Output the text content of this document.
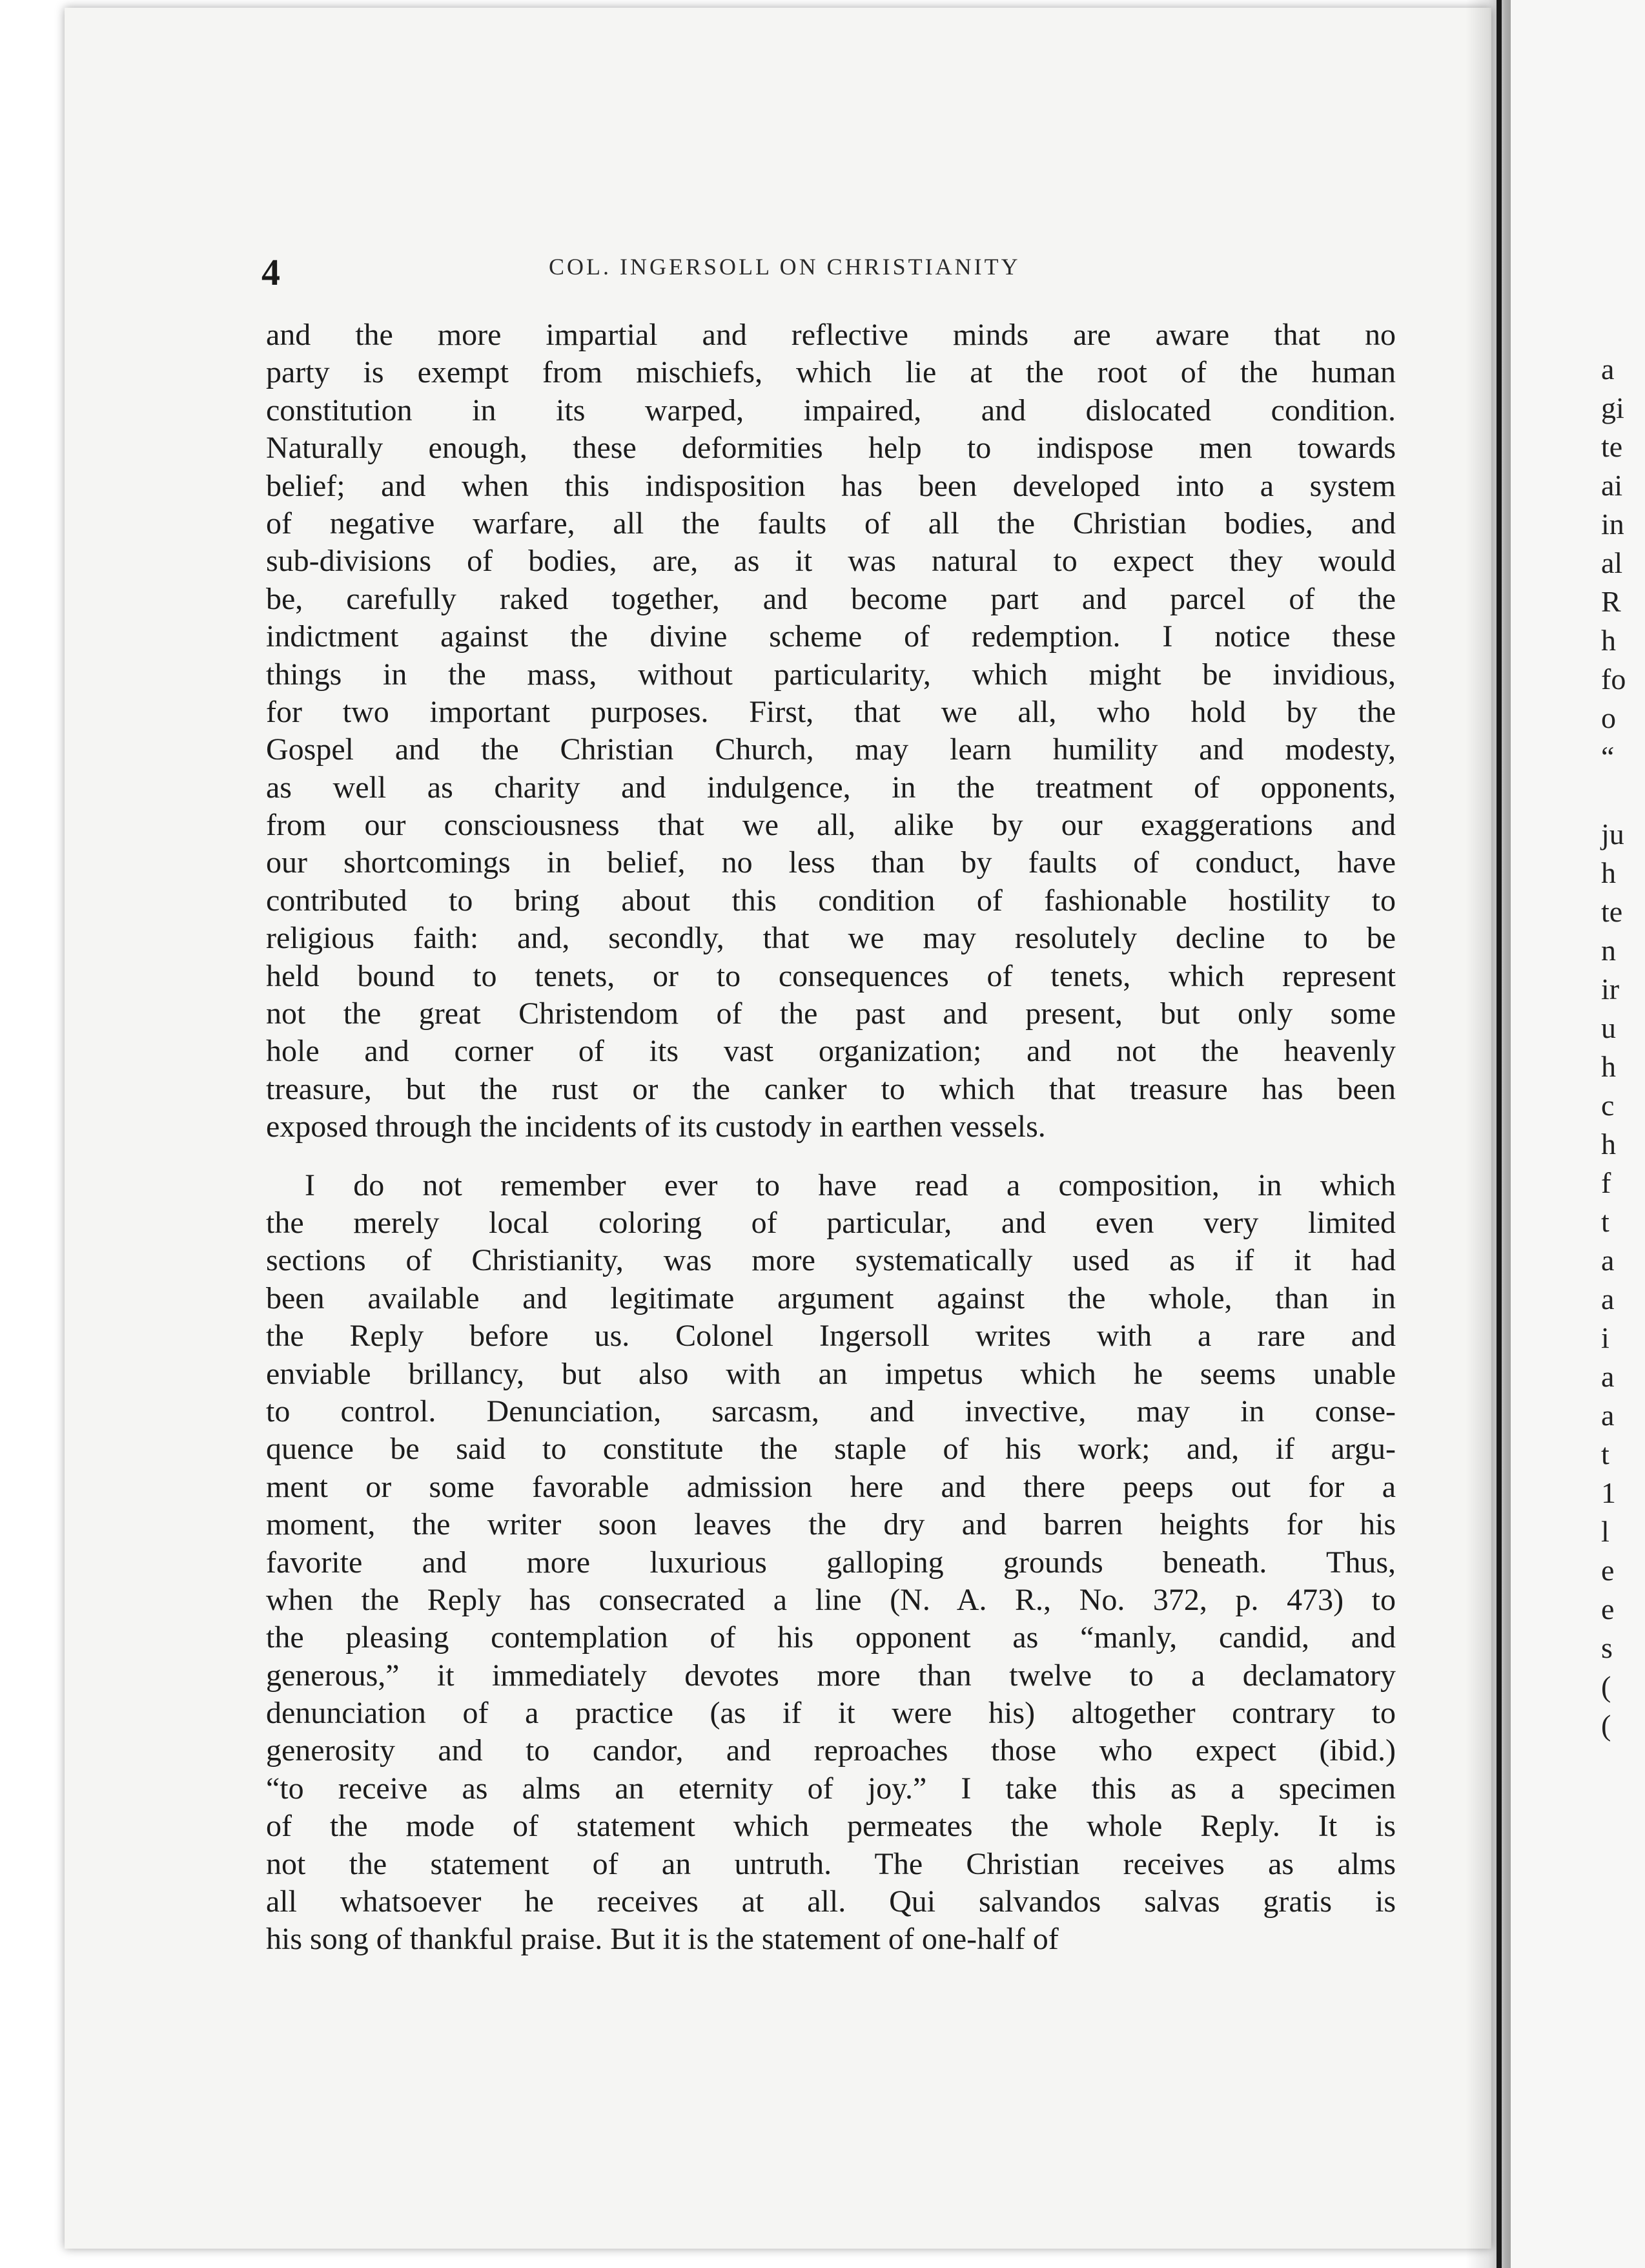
4	COL. INGERSOLL ON CHRISTIANITY
and the more impartial and reflective minds are aware that no
party is exempt from mischiefs, which lie at the root of the human
constitution in its warped, impaired, and dislocated condition.
Naturally enough, these deformities help to indispose men towards
belief; and when this indisposition has been developed into a system
of negative warfare, all the faults of all the Christian bodies, and
sub-divisions of bodies, are, as it was natural to expect they would
be, carefully raked together, and become part and parcel of the
indictment against the divine scheme of redemption. I notice these
things in the mass, without particularity, which might be invidious,
for two important purposes. First, that we all, who hold by the
Gospel and the Christian Church, may learn humility and modesty,
as well as charity and indulgence, in the treatment of opponents,
from our consciousness that we all, alike by our exaggerations and
our shortcomings in belief, no less than by faults of conduct, have
contributed to bring about this condition of fashionable hostility to
religious faith: and, secondly, that we may resolutely decline to be
held bound to tenets, or to consequences of tenets, which represent
not the great Christendom of the past and present, but only some
hole and corner of its vast organization; and not the heavenly
treasure, but the rust or the canker to which that treasure has been
exposed through the incidents of its custody in earthen vessels.
I do not remember ever to have read a composition, in which
the merely local coloring of particular, and even very limited
sections of Christianity, was more systematically used as if it had
been available and legitimate argument against the whole, than in
the Reply before us. Colonel Ingersoll writes with a rare and
enviable brillancy, but also with an impetus which he seems unable
to control. Denunciation, sarcasm, and invective, may in conse-
quence be said to constitute the staple of his work; and, if argu-
ment or some favorable admission here and there peeps out for a
moment, the writer soon leaves the dry and barren heights for his
favorite and more luxurious galloping grounds beneath. Thus,
when the Reply has consecrated a line (N. A. R., No. 372, p. 473) to
the pleasing contemplation of his opponent as “manly, candid, and
generous,” it immediately devotes more than twelve to a declamatory
denunciation of a practice (as if it were his) altogether contrary to
generosity and to candor, and reproaches those who expect (ibid.)
“to receive as alms an eternity of joy.” I take this as a specimen
of the mode of statement which permeates the whole Reply. It is
not the statement of an untruth. The Christian receives as alms
all whatsoever he receives at all. Qui salvandos salvas gratis is
his song of thankful praise. But it is the statement of one-half of
a
gi
te
ai
in
al
R
h
fo
o
“
ju
h
te
n
ir
u
h
c
h
f
t
a
a
i
a
a
t
1
l
e
e
s
(
(
